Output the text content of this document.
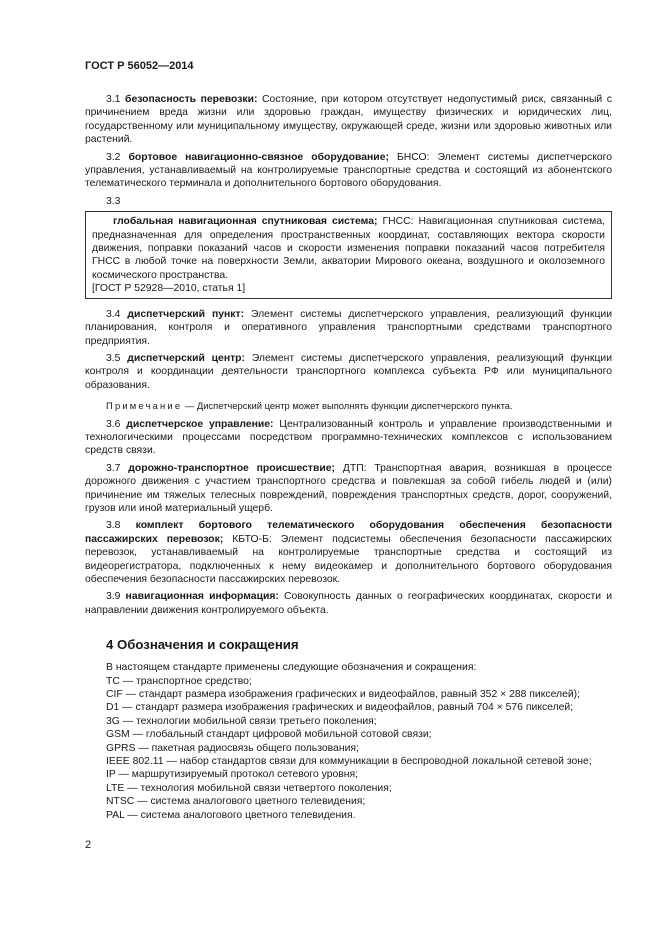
ГОСТ Р 56052—2014

3.1 безопасность перевозки: Состояние, при котором отсутствует недопустимый риск, связанный с причинением вреда жизни или здоровью граждан, имуществу физических и юридических лиц, государственному или муниципальному имуществу, окружающей среде, жизни или здоровью животных или растений.

3.2 бортовое навигационно-связное оборудование; БНСО: Элемент системы диспетчерского управления, устанавливаемый на контролируемые транспортные средства и состоящий из абонентского телематического терминала и дополнительного бортового оборудования.

3.3

глобальная навигационная спутниковая система; ГНСС: Навигационная спутниковая система, предназначенная для определения пространственных координат, составляющих вектора скорости движения, поправки показаний часов и скорости изменения поправки показаний часов потребителя ГНСС в любой точке на поверхности Земли, акватории Мирового океана, воздушного и околоземного космического пространства.

[ГОСТ Р 52928—2010, статья 1]

3.4 диспетчерский пункт: Элемент системы диспетчерского управления, реализующий функции планирования, контроля и оперативного управления транспортными средствами транспортного предприятия.

3.5 диспетчерский центр: Элемент системы диспетчерского управления, реализующий функции контроля и координации деятельности транспортного комплекса субъекта РФ или муниципального образования.

Примечание — Диспетчерский центр может выполнять функции диспетчерского пункта.

3.6 диспетчерское управление: Централизованный контроль и управление производственными и технологическими процессами посредством программно-технических комплексов с использованием средств связи.

3.7 дорожно-транспортное происшествие; ДТП: Транспортная авария, возникшая в процессе дорожного движения с участием транспортного средства и повлекшая за собой гибель людей и (или) причинение им тяжелых телесных повреждений, повреждения транспортных средств, дорог, сооружений, грузов или иной материальный ущерб.

3.8 комплект бортового телематического оборудования обеспечения безопасности пассажирских перевозок; КБТО-Б: Элемент подсистемы обеспечения безопасности пассажирских перевозок, устанавливаемый на контролируемые транспортные средства и состоящий из видеорегистратора, подключенных к нему видеокамер и дополнительного бортового оборудования обеспечения безопасности пассажирских перевозок.

3.9 навигационная информация: Совокупность данных о географических координатах, скорости и направлении движения контролируемого объекта.

4 Обозначения и сокращения

В настоящем стандарте применены следующие обозначения и сокращения:

ТС — транспортное средство;

CIF — стандарт размера изображения графических и видеофайлов, равный 352 × 288 пикселей);

D1 — стандарт размера изображения графических и видеофайлов, равный 704 × 576 пикселей;

3G — технологии мобильной связи третьего поколения;

GSM — глобальный стандарт цифровой мобильной сотовой связи;

GPRS — пакетная радиосвязь общего пользования;

IEEE 802.11 — набор стандартов связи для коммуникации в беспроводной локальной сетевой зоне;

IP — маршрутизируемый протокол сетевого уровня;

LTE — технология мобильной связи четвертого поколения;

NTSC — система аналогового цветного телевидения;

PAL — система аналогового цветного телевидения.

2
